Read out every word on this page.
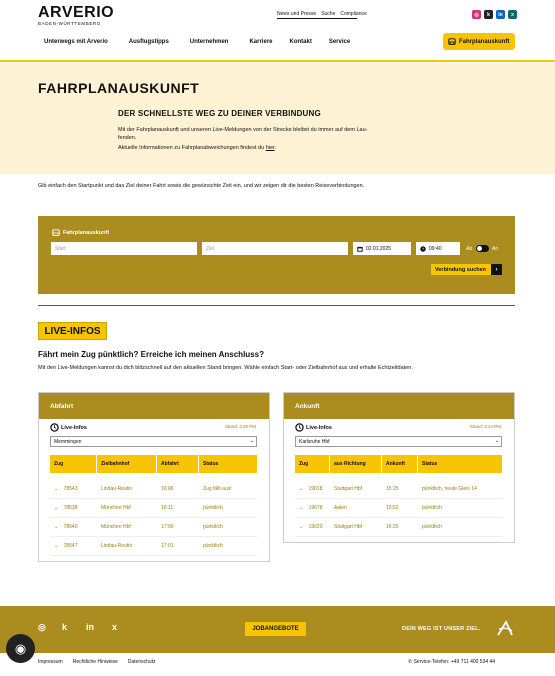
ARVERIO
BADEN-WÜRTTEMBERG
News und Presse Suche Compliance	◎	k	in	x
Unterwegs mit Arverio	Ausflugstipps	Unternehmen	Karriere	Kontakt	Service	Fahrplanauskunft
FAHRPLANAUSKUNFT
DER SCHNELLSTE WEG ZU DEINER VERBINDUNG

Mit der Fahrplanauskunft und unseren Live-Meldungen von der Strecke bleibst du immer auf dem Lau-

fenden.

Aktuelle Informationen zu Fahrplanabweichungen findest du hier.

Gib einfach den Startpunkt und das Ziel deiner Fahrt sowie die gewünschte Zeit ein, und wir zeigen dir die besten Reiseverbindungen.
Fahrplanauskunft
Start	Ziel	02.01.2025	09:40	Ab	An
Verbindung suchen	›
LIVE-INFOS
Fährt mein Zug pünktlich? Erreiche ich meinen Anschluss?
Mit den Live-Meldungen kannst du dich blitzschnell auf den aktuellen Stand bringen. Wähle einfach Start- oder Zielbahnhof aus und erhalte Echtzeitdaten.
Abfahrt
Live-Infos	Stand: 3:25 PM
Memmingen	⌄
Zug	Zielbahnhof	Abfahrt	Status
⌄ 78543	Lindau-Reutin	16:06	Zug fällt aus!
⌄ 78538	München Hbf	16:11	pünktlich
⌄ 78540	München Hbf	17:00	pünktlich
⌄ 78547	Lindau-Reutin	17:01	pünktlich
Ankunft
Live-Infos	Stand: 3:24 PM
Karlsruhe Hbf	⌄
Zug	aus Richtung	Ankunft	Status
⌄ 19018	Stuttgart Hbf	15:25	pünktlich, heute Gleis 14
⌄ 19678	Aalen	15:52	pünktlich
⌄ 19020	Stuttgart Hbf	16:25	pünktlich
◎ k in x	JOBANGEBOTE	DEIN WEG IST UNSER ZIEL.
Impressum Rechtliche Hinweise Datenschutz	✆ Service-Telefon: +49 711 400 534 44
◉
